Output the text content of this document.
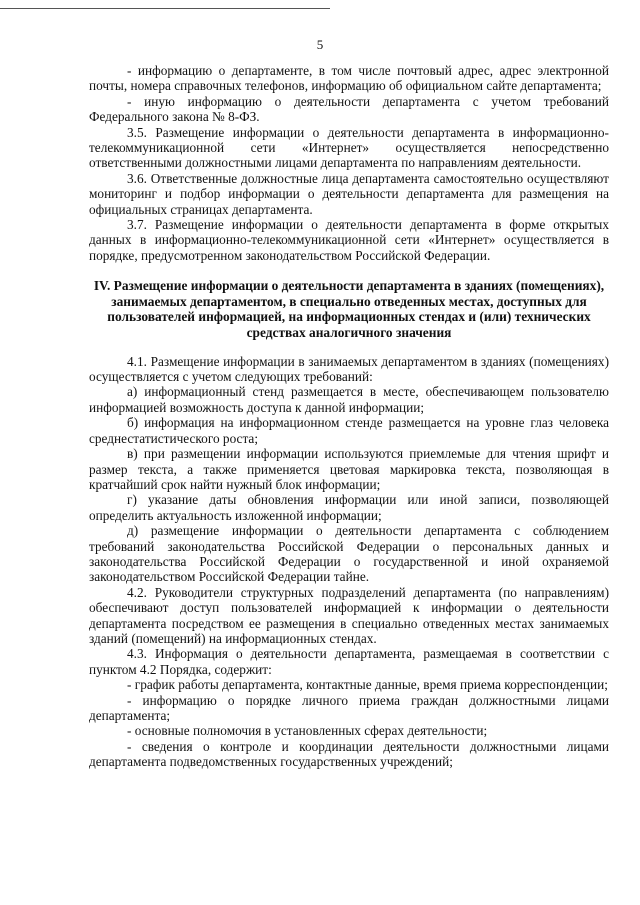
5

- информацию о департаменте, в том числе почтовый адрес, адрес электронной почты, номера справочных телефонов, информацию об официальном сайте департамента;

- иную информацию о деятельности департамента с учетом требований Федерального закона № 8-ФЗ.

3.5. Размещение информации о деятельности департамента в информационно-телекоммуникационной сети «Интернет» осуществляется непосредственно ответственными должностными лицами департамента по направлениям деятельности.

3.6. Ответственные должностные лица департамента самостоятельно осуществляют мониторинг и подбор информации о деятельности департамента для размещения на официальных страницах департамента.

3.7. Размещение информации о деятельности департамента в форме открытых данных в информационно-телекоммуникационной сети «Интернет» осуществляется в порядке, предусмотренном законодательством Российской Федерации.

IV. Размещение информации о деятельности департамента в зданиях (помещениях), занимаемых департаментом, в специально отведенных местах, доступных для пользователей информацией, на информационных стендах и (или) технических средствах аналогичного значения

4.1. Размещение информации в занимаемых департаментом в зданиях (помещениях) осуществляется с учетом следующих требований:

а) информационный стенд размещается в месте, обеспечивающем пользователю информацией возможность доступа к данной информации;

б) информация на информационном стенде размещается на уровне глаз человека среднестатистического роста;

в) при размещении информации используются приемлемые для чтения шрифт и размер текста, а также применяется цветовая маркировка текста, позволяющая в кратчайший срок найти нужный блок информации;

г) указание даты обновления информации или иной записи, позволяющей определить актуальность изложенной информации;

д) размещение информации о деятельности департамента с соблюдением требований законодательства Российской Федерации о персональных данных и законодательства Российской Федерации о государственной и иной охраняемой законодательством Российской Федерации тайне.

4.2. Руководители структурных подразделений департамента (по направлениям) обеспечивают доступ пользователей информацией к информации о деятельности департамента посредством ее размещения в специально отведенных местах занимаемых зданий (помещений) на информационных стендах.

4.3. Информация о деятельности департамента, размещаемая в соответствии с пунктом 4.2 Порядка, содержит:

- график работы департамента, контактные данные, время приема корреспонденции;

- информацию о порядке личного приема граждан должностными лицами департамента;

- основные полномочия в установленных сферах деятельности;

- сведения о контроле и координации деятельности должностными лицами департамента подведомственных государственных учреждений;
